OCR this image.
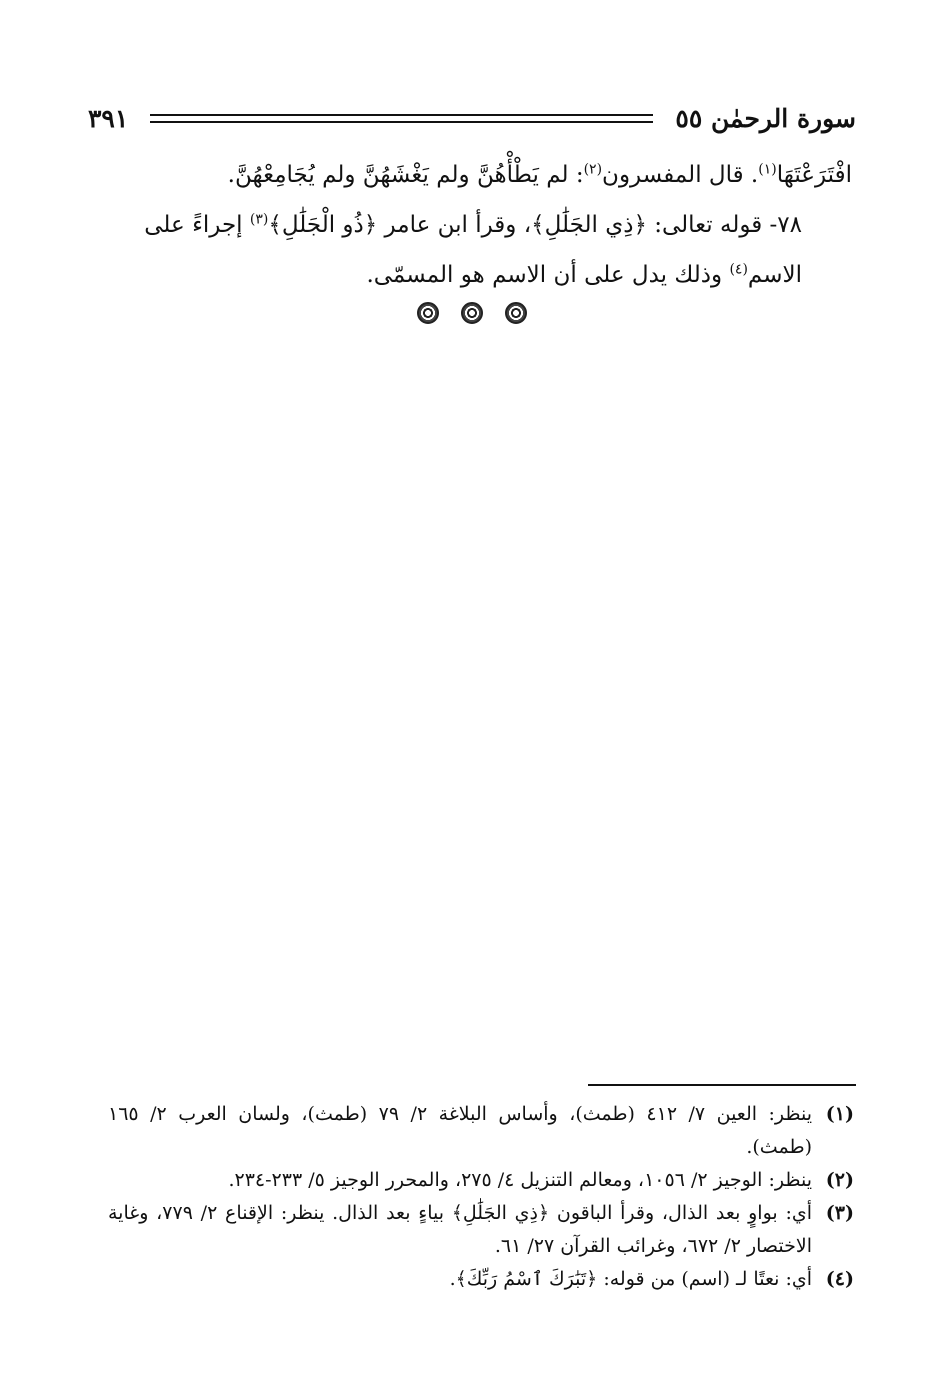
سورة الرحمٰن ٥٥
٣٩١

افْتَرَعْتَهَا$^{(١)}$. قال المفسرون$^{(٢)}$: لم يَطْأْهُنَّ ولم يَغْشَهُنَّ ولم يُجَامِعْهُنَّ.

٧٨- قوله تعالى: ﴿ذِي الجَلَٰلِ﴾، وقرأ ابن عامر ﴿ذُو الْجَلَٰلِ﴾$^{(٣)}$ إجراءً على الاسم$^{(٤)}$ وذلك يدل على أن الاسم هو المسمّى.

(١)
ينظر: العين ٧/ ٤١٢ (طمث)، وأساس البلاغة ٢/ ٧٩ (طمث)، ولسان العرب ٢/ ١٦٥ (طمث).
(٢)
ينظر: الوجيز ٢/ ١٠٥٦، ومعالم التنزيل ٤/ ٢٧٥، والمحرر الوجيز ٥/ ٢٣٣-٢٣٤.
(٣)
أي: بواوٍ بعد الذال، وقرأ الباقون ﴿ذِي الجَلَٰلِ﴾ بياءٍ بعد الذال. ينظر: الإقناع ٢/ ٧٧٩، وغاية الاختصار ٢/ ٦٧٢، وغرائب القرآن ٢٧/ ٦١.
(٤)
أي: نعتًا لـ (اسم) من قوله: ﴿تَبَٰرَكَ ٱسْمُ رَبِّكَ﴾.
